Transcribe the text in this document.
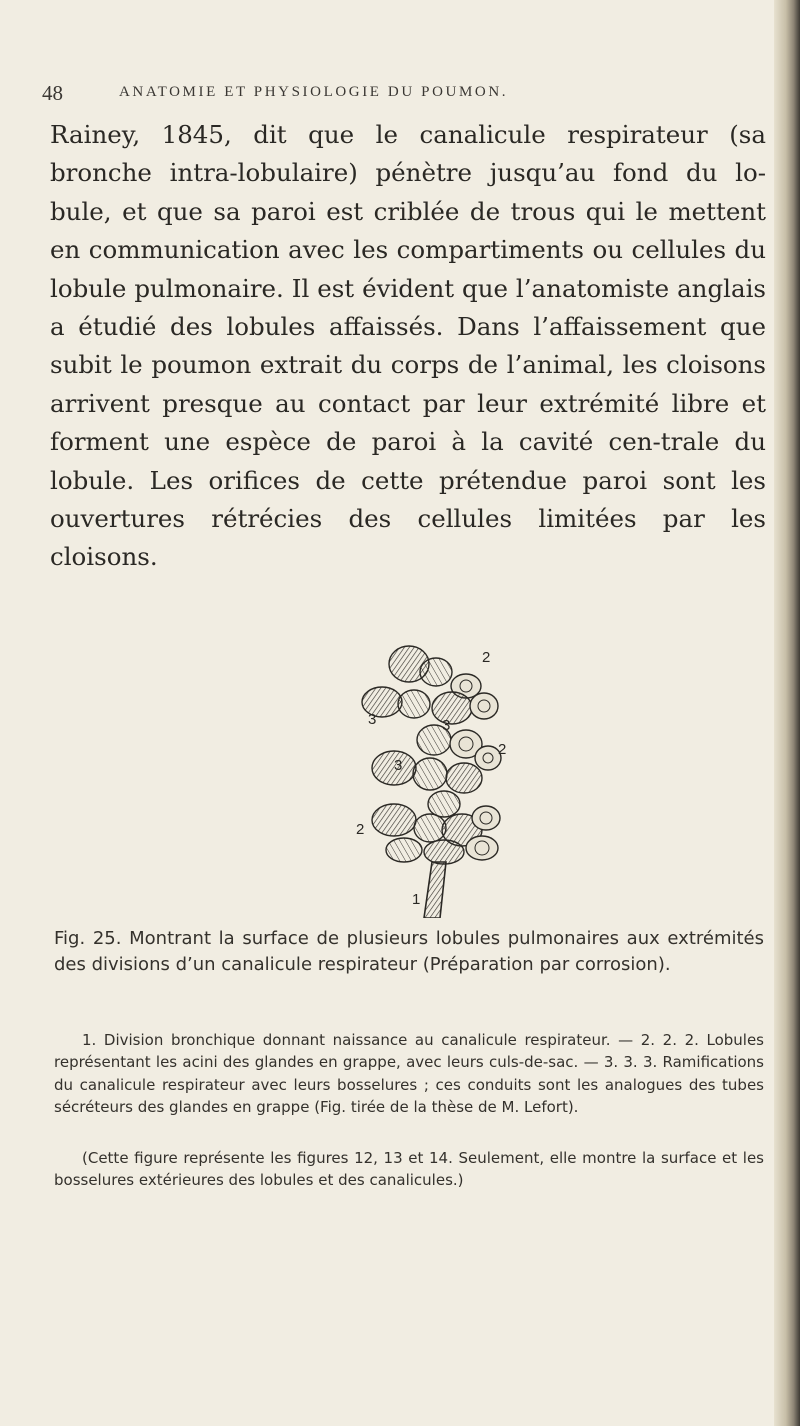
48	ANATOMIE ET PHYSIOLOGIE DU POUMON.
Rainey, 1845, dit que le canalicule respirateur (sa bronche intra-lobulaire) pénètre jusqu’au fond du lo-bule, et que sa paroi est criblée de trous qui le mettent en communication avec les compartiments ou cellules du lobule pulmonaire. Il est évident que l’anatomiste anglais a étudié des lobules affaissés. Dans l’affaissement que subit le poumon extrait du corps de l’animal, les cloisons arrivent presque au contact par leur extrémité libre et forment une espèce de paroi à la cavité cen-trale du lobule. Les orifices de cette prétendue paroi sont les ouvertures rétrécies des cellules limitées par les cloisons.
2
3	3
3
2
2
1
Fig. 25. Montrant la surface de plusieurs lobules pulmonaires aux extrémités des divisions d’un canalicule respirateur (Préparation par corrosion).

1. Division bronchique donnant naissance au canalicule respirateur. — 2. 2. 2. Lobules représentant les acini des glandes en grappe, avec leurs culs-de-sac. — 3. 3. 3. Ramifications du canalicule respirateur avec leurs bosselures ; ces conduits sont les analogues des tubes sécréteurs des glandes en grappe (Fig. tirée de la thèse de M. Lefort).

(Cette figure représente les figures 12, 13 et 14. Seulement, elle montre la surface et les bosselures extérieures des lobules et des canalicules.)
